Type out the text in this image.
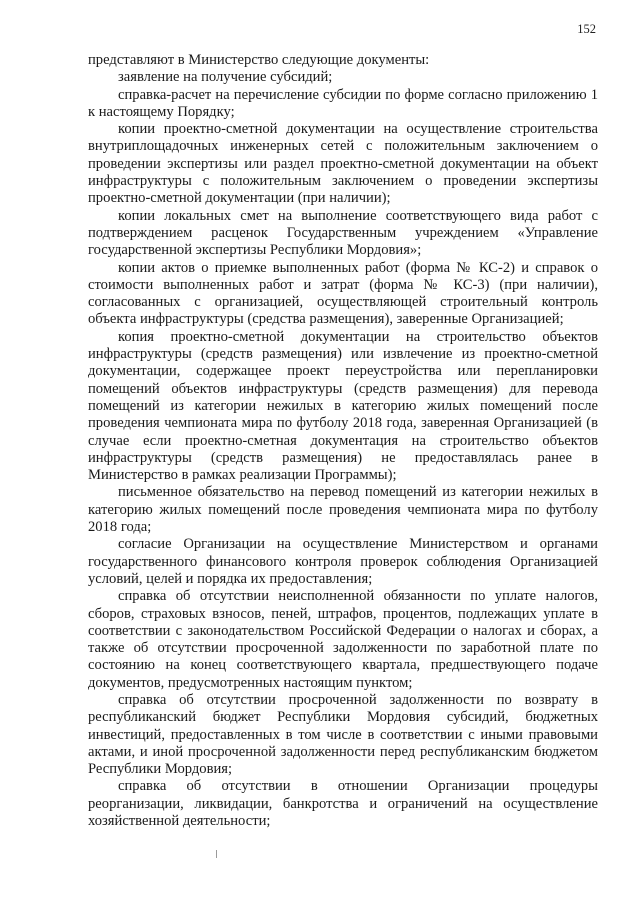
152

представляют в Министерство следующие документы:

заявление на получение субсидий;

справка-расчет на перечисление субсидии по форме согласно приложению 1 к настоящему Порядку;

копии проектно-сметной документации на осуществление строительства внутриплощадочных инженерных сетей с положительным заключением о проведении экспертизы или раздел проектно-сметной документации на объект инфраструктуры с положительным заключением о проведении экспертизы проектно-сметной документации (при наличии);

копии локальных смет на выполнение соответствующего вида работ с подтверждением расценок Государственным учреждением «Управление государственной экспертизы Республики Мордовия»;

копии актов о приемке выполненных работ (форма № КС-2) и справок о стоимости выполненных работ и затрат (форма № КС-3) (при наличии), согласованных с организацией, осуществляющей строительный контроль объекта инфраструктуры (средства размещения), заверенные Организацией;

копия проектно-сметной документации на строительство объектов инфраструктуры (средств размещения) или извлечение из проектно-сметной документации, содержащее проект переустройства или перепланировки помещений объектов инфраструктуры (средств размещения) для перевода помещений из категории нежилых в категорию жилых помещений после проведения чемпионата мира по футболу 2018 года, заверенная Организацией (в случае если проектно-сметная документация на строительство объектов инфраструктуры (средств размещения) не предоставлялась ранее в Министерство в рамках реализации Программы);

письменное обязательство на перевод помещений из категории нежилых в категорию жилых помещений после проведения чемпионата мира по футболу 2018 года;

согласие Организации на осуществление Министерством и органами государственного финансового контроля проверок соблюдения Организацией условий, целей и порядка их предоставления;

справка об отсутствии неисполненной обязанности по уплате налогов, сборов, страховых взносов, пеней, штрафов, процентов, подлежащих уплате в соответствии с законодательством Российской Федерации о налогах и сборах, а также об отсутствии просроченной задолженности по заработной плате по состоянию на конец соответствующего квартала, предшествующего подаче документов, предусмотренных настоящим пунктом;

справка об отсутствии просроченной задолженности по возврату в республиканский бюджет Республики Мордовия субсидий, бюджетных инвестиций, предоставленных в том числе в соответствии с иными правовыми актами, и иной просроченной задолженности перед республиканским бюджетом Республики Мордовия;

справка об отсутствии в отношении Организации процедуры реорганизации, ликвидации, банкротства и ограничений на осуществление хозяйственной деятельности;
